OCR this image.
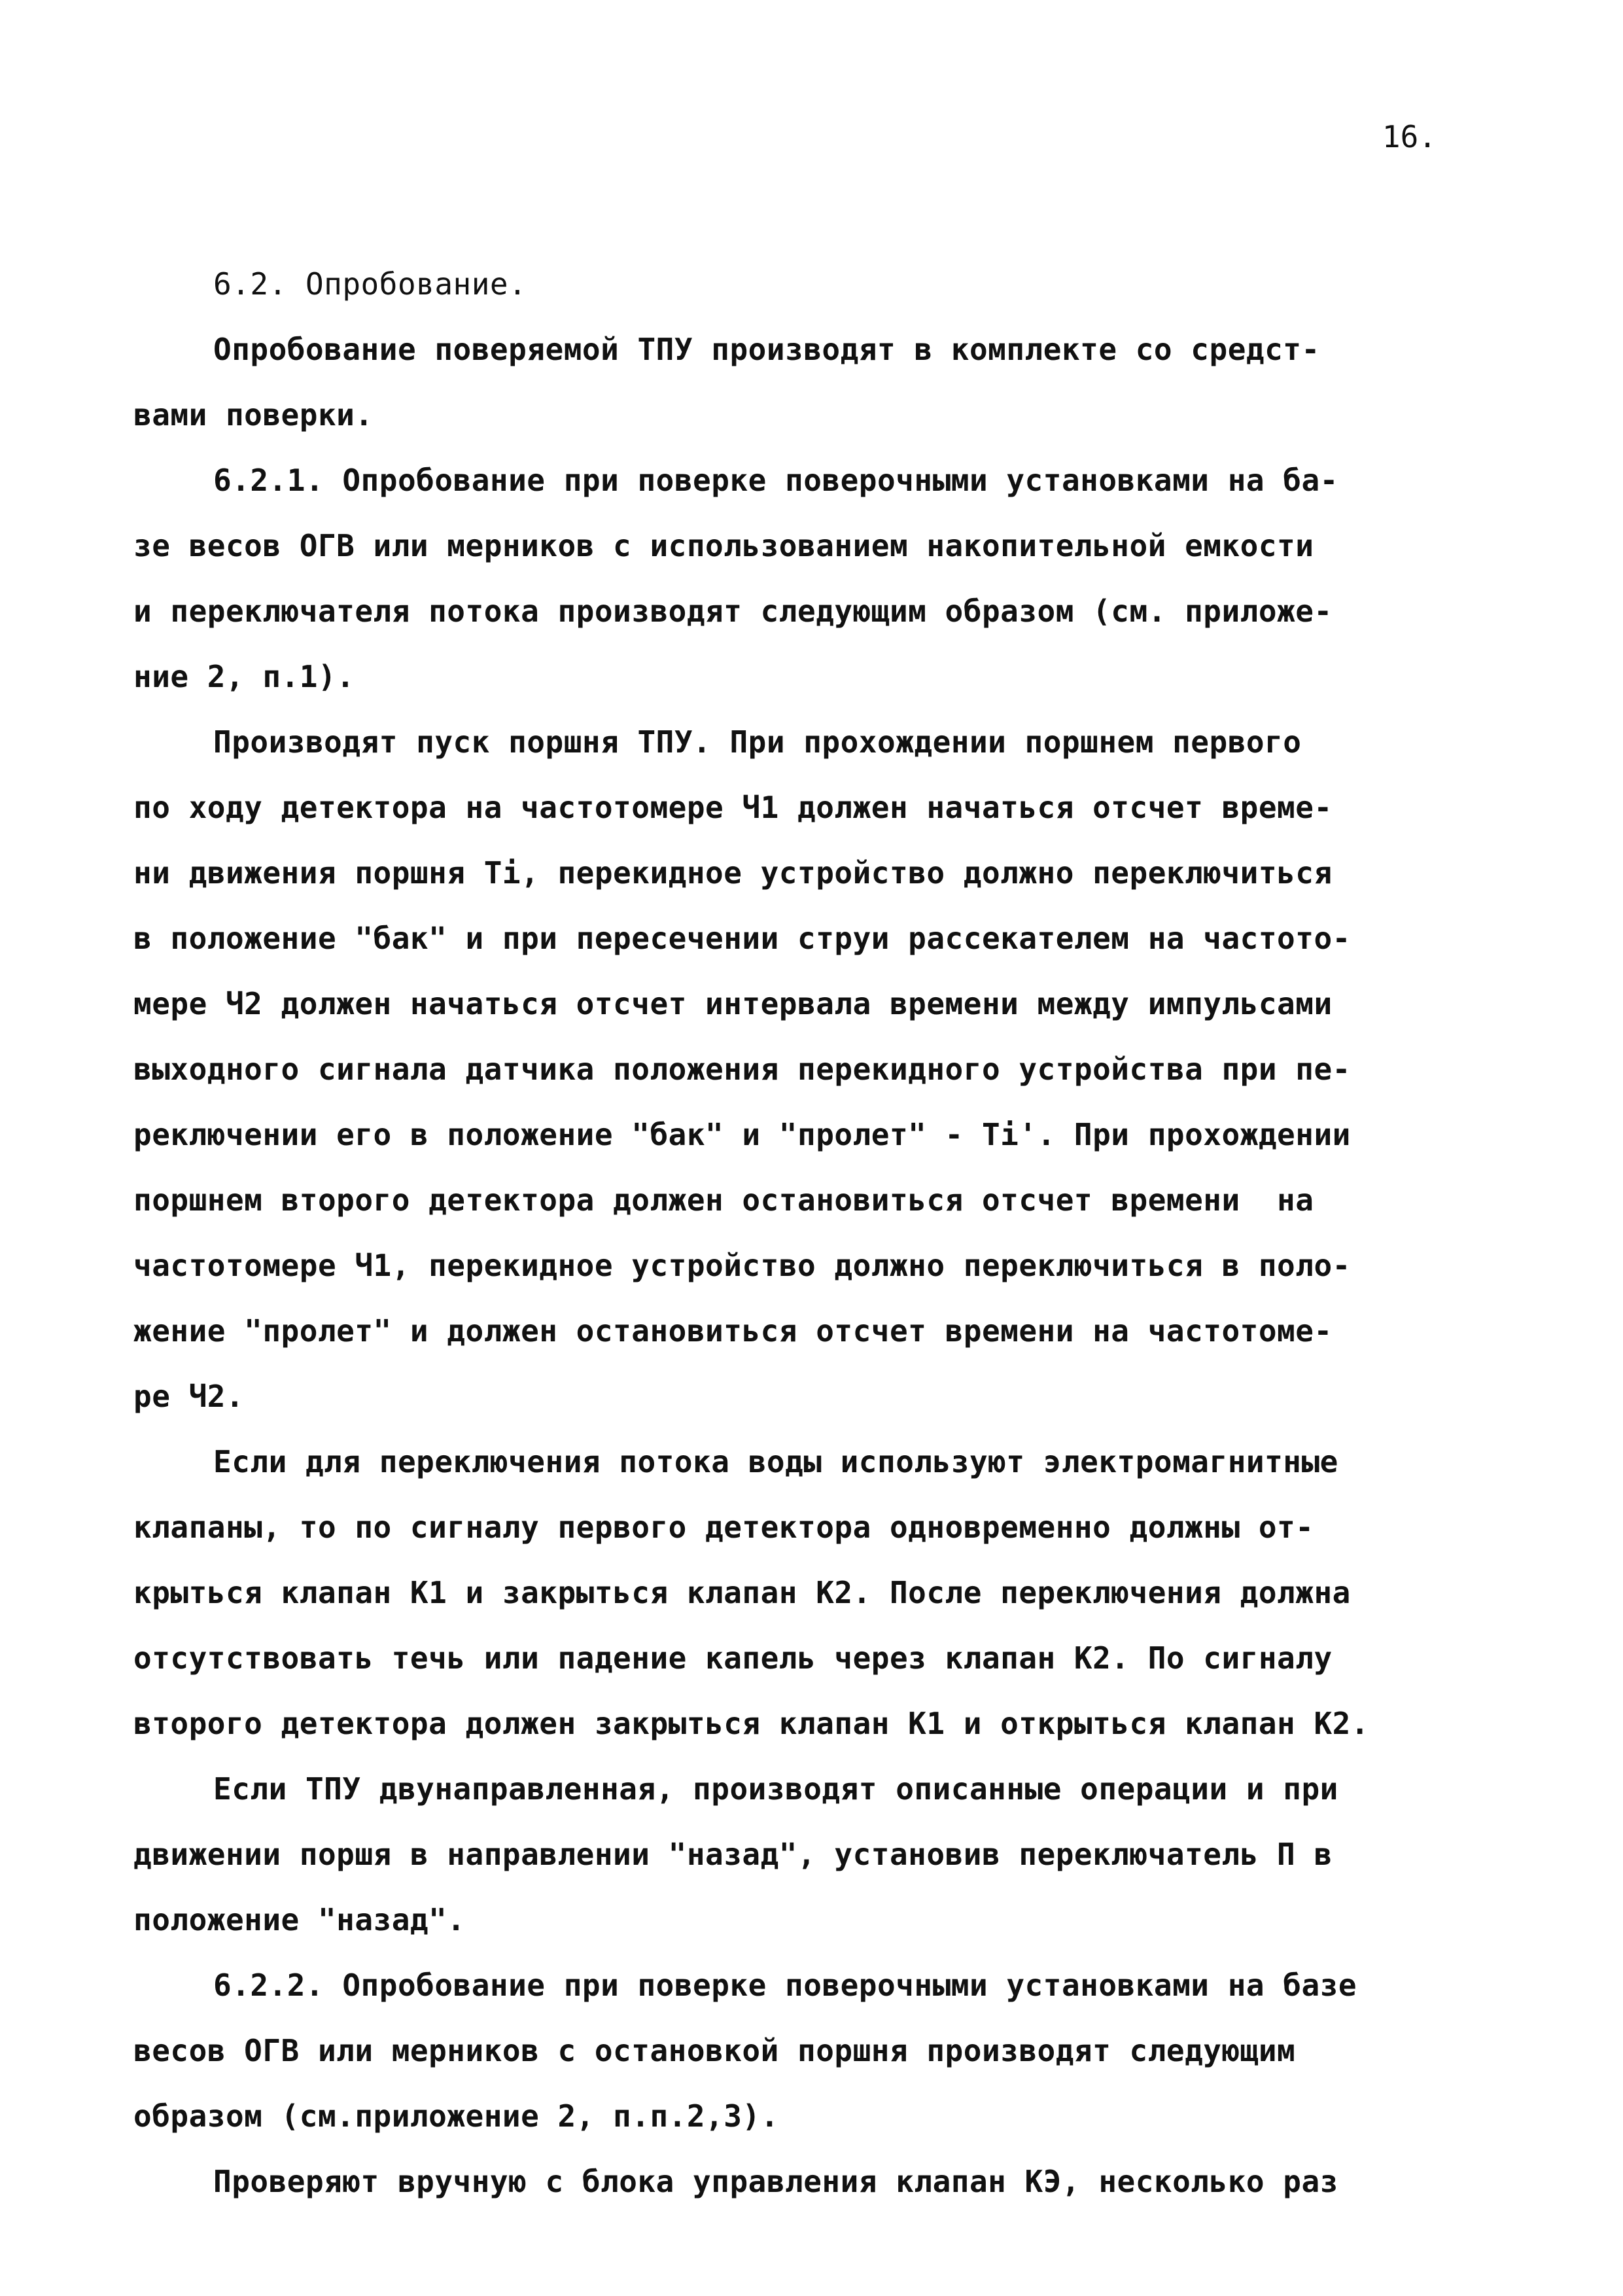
16.
6.2. Опробование.
Опробование поверяемой ТПУ производят в комплекте со средст-
вами поверки.
6.2.1. Опробование при поверке поверочными установками на ба-
зе весов ОГВ или мерников с использованием накопительной емкости
и переключателя потока производят следующим образом (см. приложе-
ние 2, п.1).
Производят пуск поршня ТПУ. При прохождении поршнем первого
по ходу детектора на частотомере Ч1 должен начаться отсчет време-
ни движения поршня Ti, перекидное устройство должно переключиться
в положение "бак" и при пересечении струи рассекателем на частото-
мере Ч2 должен начаться отсчет интервала времени между импульсами
выходного сигнала датчика положения перекидного устройства при пе-
реключении его в положение "бак" и "пролет" - Ti'. При прохождении
поршнем второго детектора должен остановиться отсчет времени  на
частотомере Ч1, перекидное устройство должно переключиться в поло-
жение "пролет" и должен остановиться отсчет времени на частотоме-
ре Ч2.
Если для переключения потока воды используют электромагнитные
клапаны, то по сигналу первого детектора одновременно должны от-
крыться клапан К1 и закрыться клапан К2. После переключения должна
отсутствовать течь или падение капель через клапан К2. По сигналу
второго детектора должен закрыться клапан К1 и открыться клапан К2.
Если ТПУ двунаправленная, производят описанные операции и при
движении поршя в направлении "назад", установив переключатель П в
положение "назад".
6.2.2. Опробование при поверке поверочными установками на базе
весов ОГВ или мерников с остановкой поршня производят следующим
образом (см.приложение 2, п.п.2,3).
Проверяют вручную с блока управления клапан КЭ, несколько раз
